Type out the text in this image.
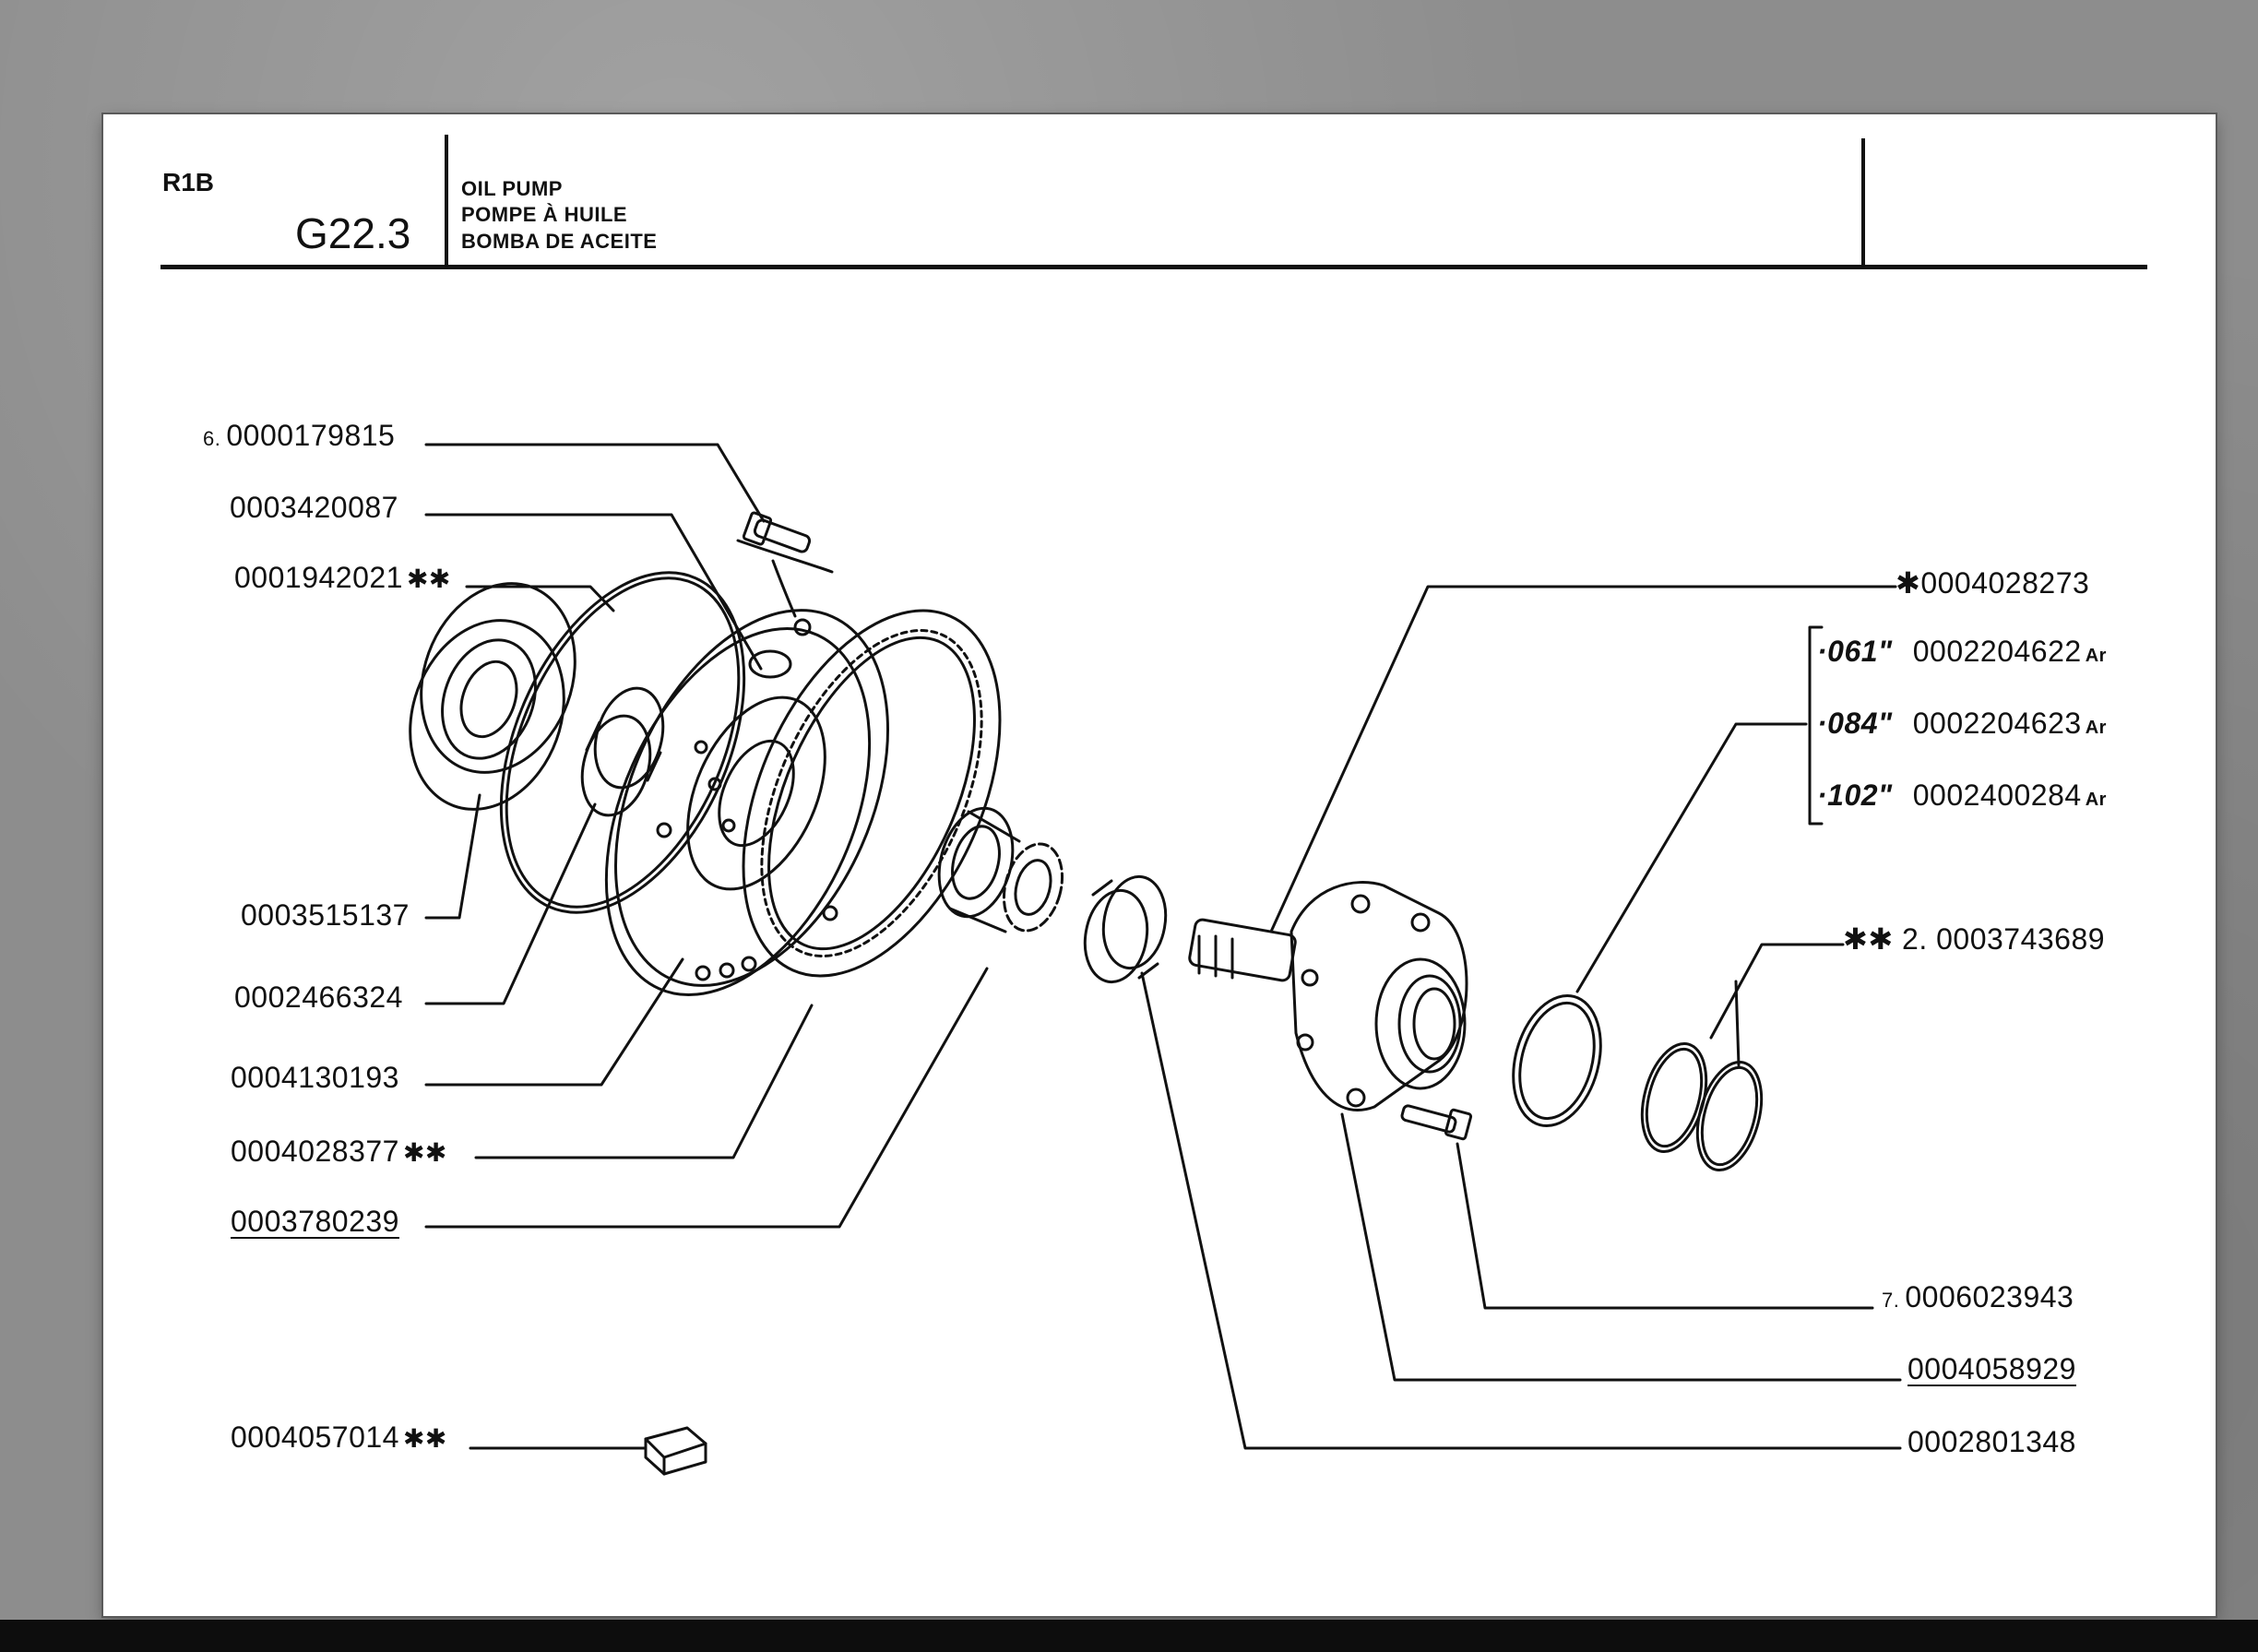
R1B
G22.3
OIL PUMP
POMPE À HUILE
BOMBA DE ACEITE
6. 0000179815
0003420087
0001942021 ✱✱
0003515137
0002466324
0004130193
0004028377 ✱✱
0003780239
0004057014 ✱✱
✱0004028273
·061" 0002204622 Ar
·084" 0002204623 Ar
·102" 0002400284 Ar
✱✱ 2. 0003743689
7. 0006023943
0004058929
0002801348
